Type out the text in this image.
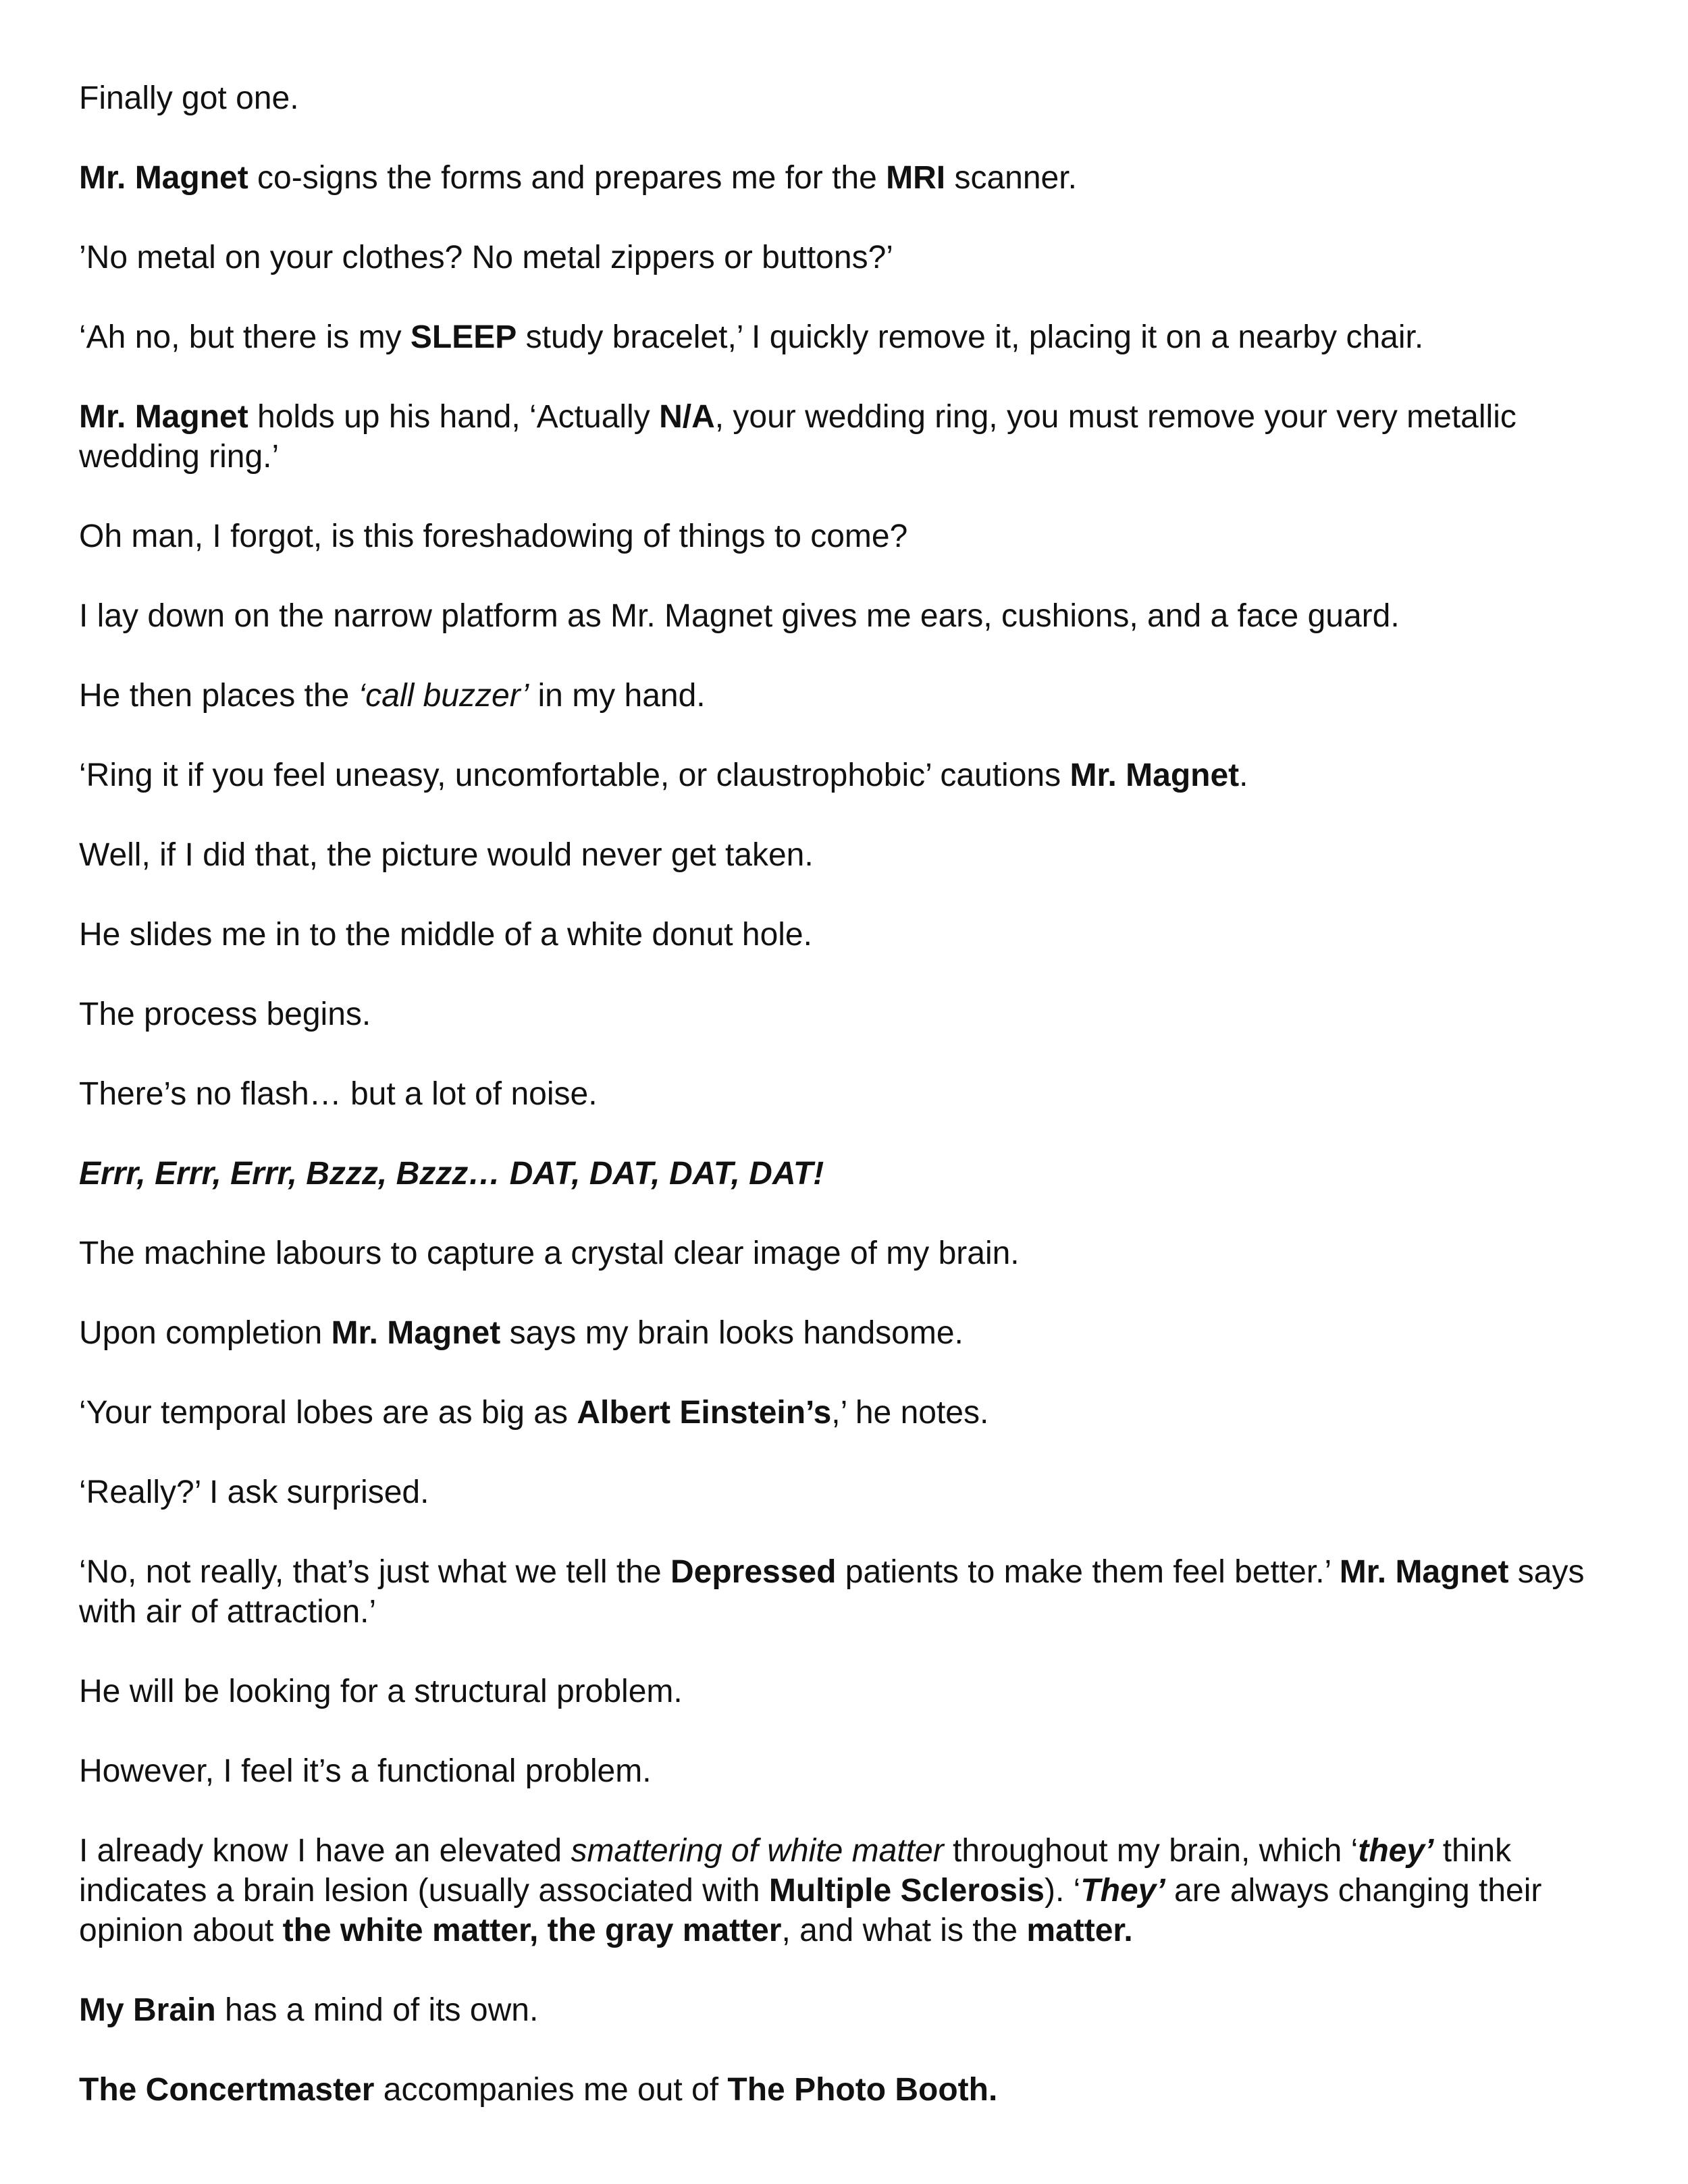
Finally got one.

Mr. Magnet co-signs the forms and prepares me for the MRI scanner.

’No metal on your clothes? No metal zippers or buttons?’

‘Ah no, but there is my SLEEP study bracelet,’ I quickly remove it, placing it on a nearby chair.

Mr. Magnet holds up his hand, ‘Actually N/A, your wedding ring, you must remove your very metallic wedding ring.’

Oh man, I forgot, is this foreshadowing of things to come?

I lay down on the narrow platform as Mr. Magnet gives me ears, cushions, and a face guard.

He then places the ‘call buzzer’ in my hand.

‘Ring it if you feel uneasy, uncomfortable, or claustrophobic’ cautions Mr. Magnet.

Well, if I did that, the picture would never get taken.

He slides me in to the middle of a white donut hole.

The process begins.

There’s no flash… but a lot of noise.

Errr, Errr, Errr, Bzzz, Bzzz… DAT, DAT, DAT, DAT!

The machine labours to capture a crystal clear image of my brain.

Upon completion Mr. Magnet says my brain looks handsome.

‘Your temporal lobes are as big as Albert Einstein’s,’ he notes.

‘Really?’ I ask surprised.

‘No, not really, that’s just what we tell the Depressed patients to make them feel better.’ Mr. Magnet says with air of attraction.’

He will be looking for a structural problem.

However, I feel it’s a functional problem.

I already know I have an elevated smattering of white matter throughout my brain, which ‘they’ think indicates a brain lesion (usually associated with Multiple Sclerosis). ‘They’ are always changing their opinion about the white matter, the gray matter, and what is the matter.

My Brain has a mind of its own.

The Concertmaster accompanies me out of The Photo Booth.
